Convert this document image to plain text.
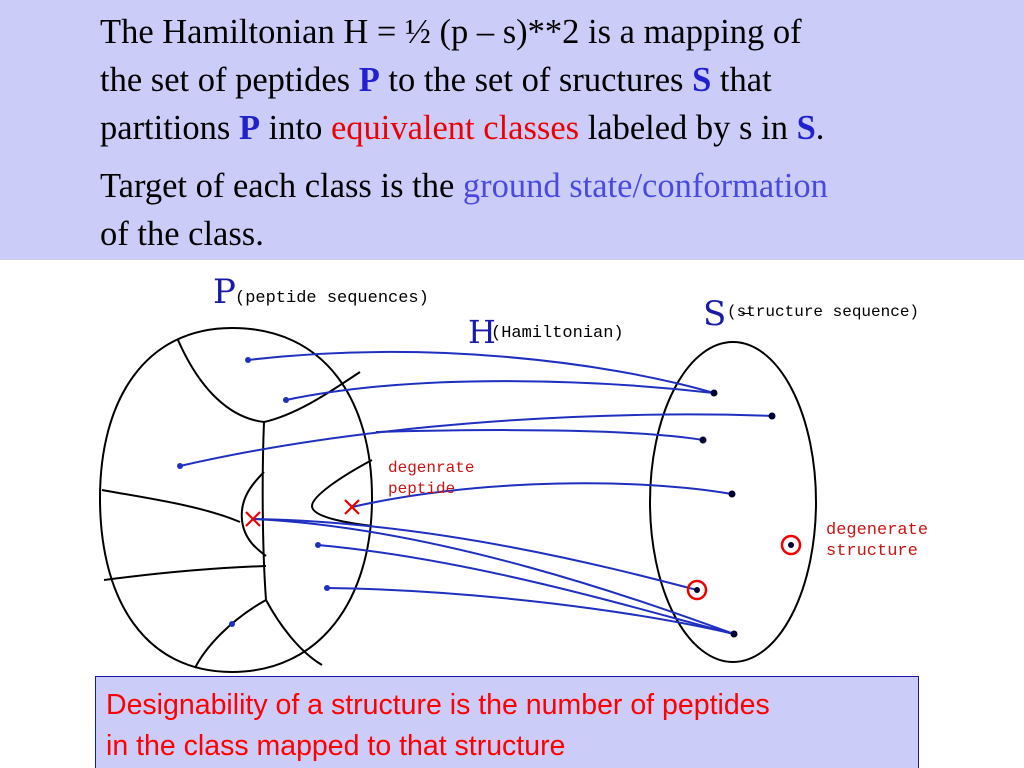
The Hamiltonian H = ½ (p – s)**2 is a mapping of
the set of peptides P to the set of sructures S that
partitions P into equivalent classes labeled by s in S.
Target of each class is the ground state/conformation
of the class.
P (peptide sequences)
H
(Hamiltonian) S (s̶tructure sequence)
degenrate
peptide
degenerate
structure
Designability of a structure is the number of peptides
in the class mapped to that structure
